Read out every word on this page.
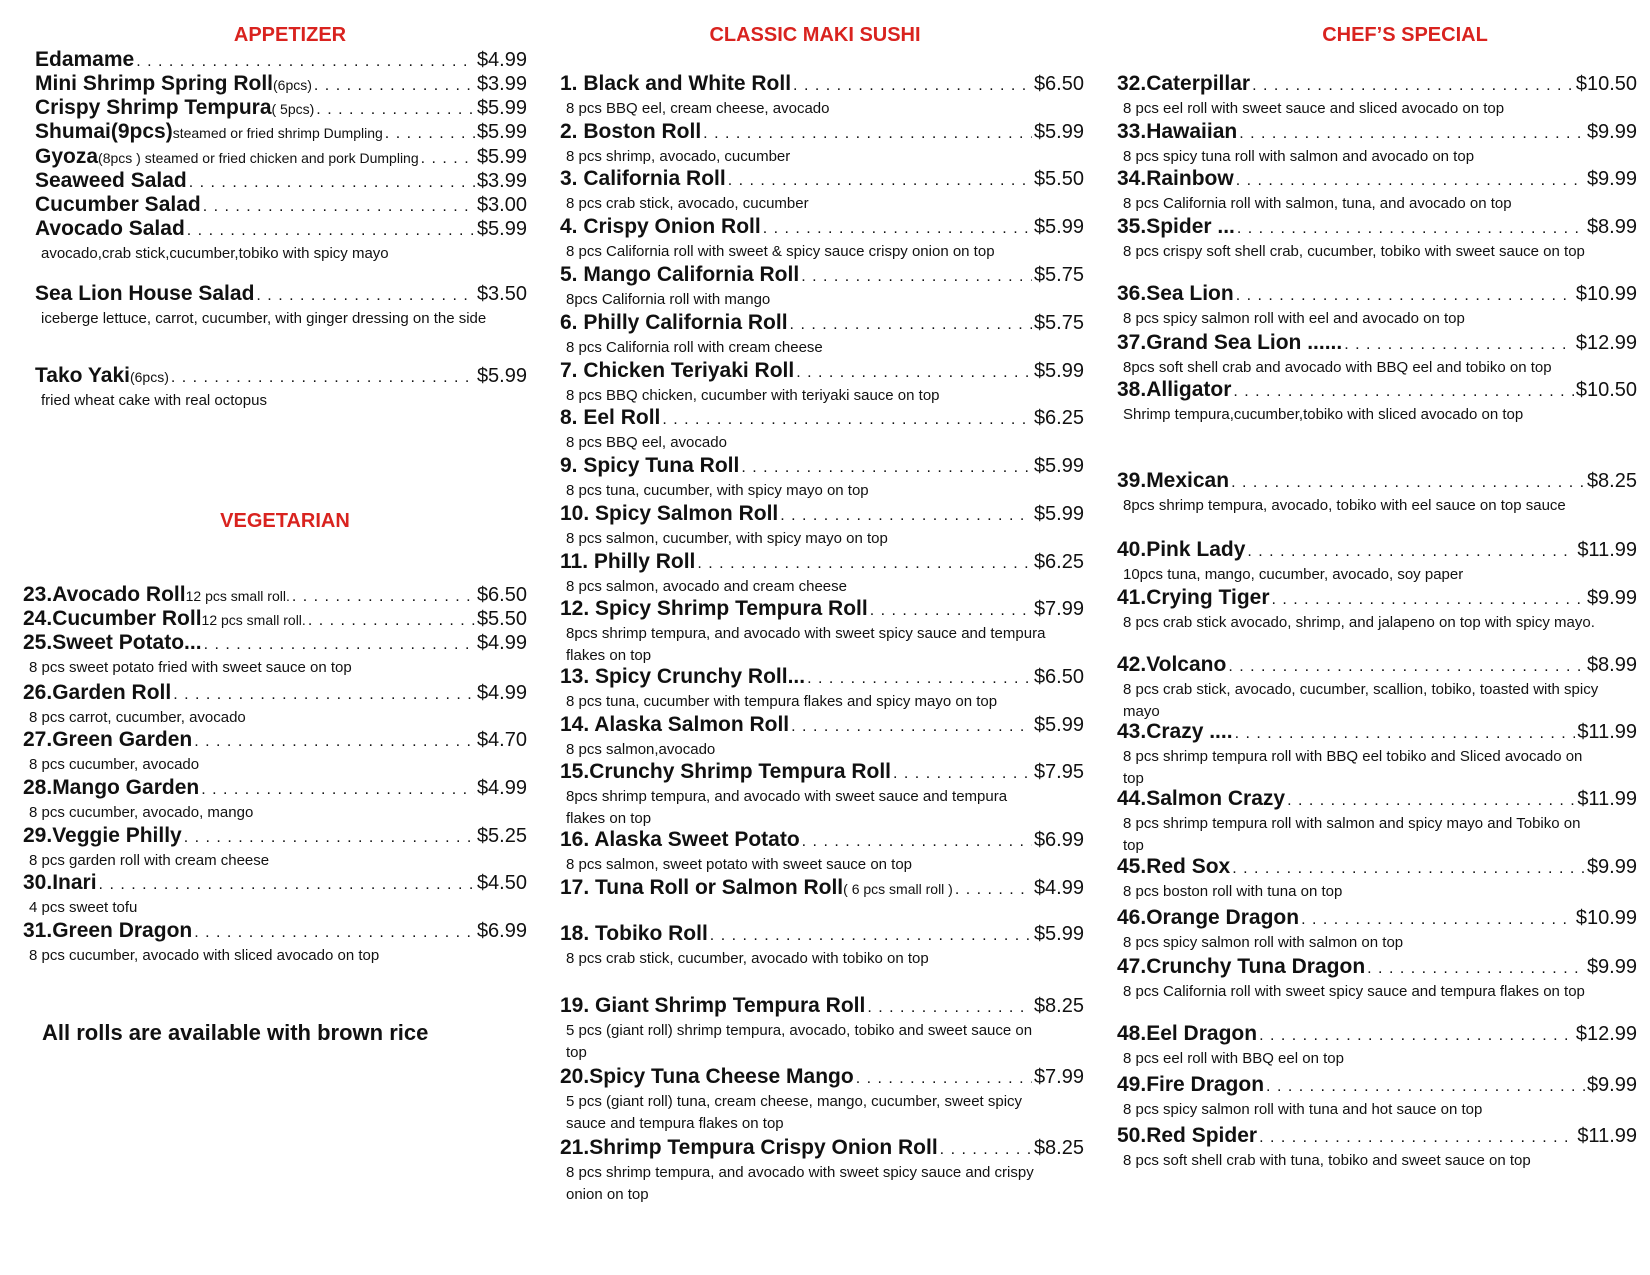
APPETIZER
Edamame . . .	$4.99
Mini Shrimp Spring Roll (6pcs) . . .	$3.99
Crispy Shrimp Tempura ( 5pcs) . . .	$5.99
Shumai(9pcs) steamed or fried shrimp Dumpling . . .	$5.99
Gyoza (8pcs ) steamed or fried chicken and pork Dumpling . . .	$5.99
Seaweed Salad . . .	$3.99
Cucumber Salad . . .	$3.00
Avocado Salad . . .	$5.99
avocado,crab stick,cucumber,tobiko with spicy mayo
Sea Lion House Salad . . .	$3.50
iceberge lettuce, carrot, cucumber, with ginger dressing on the side
Tako Yaki (6pcs) . . .	$5.99
fried wheat cake with real octopus
VEGETARIAN
23.Avocado Roll 12 pcs small roll. . . .	$6.50
24.Cucumber Roll 12 pcs small roll. . . .	$5.50
25.Sweet Potato... . . .	$4.99
8 pcs sweet potato fried with sweet sauce on top
26.Garden Roll . . .	$4.99
8 pcs carrot, cucumber, avocado
27.Green Garden . . .	$4.70
8 pcs cucumber, avocado
28.Mango Garden . . .	$4.99
8 pcs cucumber, avocado, mango
29.Veggie Philly . . .	$5.25
8 pcs garden roll with cream cheese
30.Inari . . .	$4.50
4 pcs sweet tofu
31.Green Dragon . . .	$6.99
8 pcs cucumber, avocado with sliced avocado on top
All rolls are available with brown rice
CLASSIC MAKI SUSHI
1. Black and White Roll . . .	$6.50
8 pcs BBQ eel, cream cheese, avocado
2. Boston Roll . . .	$5.99
8 pcs shrimp, avocado, cucumber
3. California Roll . . .	$5.50
8 pcs crab stick, avocado, cucumber
4. Crispy Onion Roll . . .	$5.99
8 pcs California roll with sweet & spicy sauce crispy onion on top
5. Mango California Roll . . .	$5.75
8pcs California roll with mango
6. Philly California Roll . . .	$5.75
8 pcs California roll with cream cheese
7. Chicken Teriyaki Roll . . .	$5.99
8 pcs BBQ chicken, cucumber with teriyaki sauce on top
8. Eel Roll . . .	$6.25
8 pcs BBQ eel, avocado
9. Spicy Tuna Roll . . .	$5.99
8 pcs tuna, cucumber, with spicy mayo on top
10. Spicy Salmon Roll . . .	$5.99
8 pcs salmon, cucumber, with spicy mayo on top
11. Philly Roll . . .	$6.25
8 pcs salmon, avocado and cream cheese
12. Spicy Shrimp Tempura Roll . . .	$7.99
8pcs shrimp tempura, and avocado with sweet spicy sauce and tempura flakes on top
13. Spicy Crunchy Roll... . . .	$6.50
8 pcs tuna, cucumber with tempura flakes and spicy mayo on top
14. Alaska Salmon Roll . . .	$5.99
8 pcs salmon,avocado
15.Crunchy Shrimp Tempura Roll . . .	$7.95
8pcs shrimp tempura, and avocado with sweet sauce and tempura flakes on top
16. Alaska Sweet Potato . . .	$6.99
8 pcs salmon, sweet potato with sweet sauce on top
17. Tuna Roll or Salmon Roll ( 6 pcs small roll ) . . .	$4.99
18. Tobiko Roll . . .	$5.99
8 pcs crab stick, cucumber, avocado with tobiko on top
19. Giant Shrimp Tempura Roll . . .	$8.25
5 pcs (giant roll) shrimp tempura, avocado, tobiko and sweet sauce on top
20.Spicy Tuna Cheese Mango . . .	$7.99
5 pcs (giant roll) tuna, cream cheese, mango, cucumber, sweet spicy sauce and tempura flakes on top
21.Shrimp Tempura Crispy Onion Roll . . .	$8.25
8 pcs shrimp tempura, and avocado with sweet spicy sauce and crispy onion on top
CHEF’S SPECIAL
32.Caterpillar . . .	$10.50
8 pcs eel roll with sweet sauce and sliced avocado on top
33.Hawaiian . . .	$9.99
8 pcs spicy tuna roll with salmon and avocado on top
34.Rainbow . . .	$9.99
8 pcs California roll with salmon, tuna, and avocado on top
35.Spider ... . . .	$8.99
8 pcs crispy soft shell crab, cucumber, tobiko with sweet sauce on top
36.Sea Lion . . .	$10.99
8 pcs spicy salmon roll with eel and avocado on top
37.Grand Sea Lion ...... . . .	$12.99
8pcs soft shell crab and avocado with BBQ eel and tobiko on top
38.Alligator . . .	$10.50
Shrimp tempura,cucumber,tobiko with sliced avocado on top
39.Mexican . . .	$8.25
8pcs shrimp tempura, avocado, tobiko with eel sauce on top sauce
40.Pink Lady . . .	$11.99
10pcs tuna, mango, cucumber, avocado, soy paper
41.Crying Tiger . . .	$9.99
8 pcs crab stick avocado, shrimp, and jalapeno on top with spicy mayo.
42.Volcano . . .	$8.99
8 pcs crab stick, avocado, cucumber, scallion, tobiko, toasted with spicy mayo
43.Crazy .... . . .	$11.99
8 pcs shrimp tempura roll with BBQ eel tobiko and Sliced avocado on top
44.Salmon Crazy . . .	$11.99
8 pcs shrimp tempura roll with salmon and spicy mayo and Tobiko on top
45.Red Sox . . .	$9.99
8 pcs boston roll with tuna on top
46.Orange Dragon . . .	$10.99
8 pcs spicy salmon roll with salmon on top
47.Crunchy Tuna Dragon . . .	$9.99
8 pcs California roll with sweet spicy sauce and tempura flakes on top
48.Eel Dragon . . .	$12.99
8 pcs eel roll with BBQ eel on top
49.Fire Dragon . . .	$9.99
8 pcs spicy salmon roll with tuna and hot sauce on top
50.Red Spider . . .	$11.99
8 pcs soft shell crab with tuna, tobiko and sweet sauce on top
